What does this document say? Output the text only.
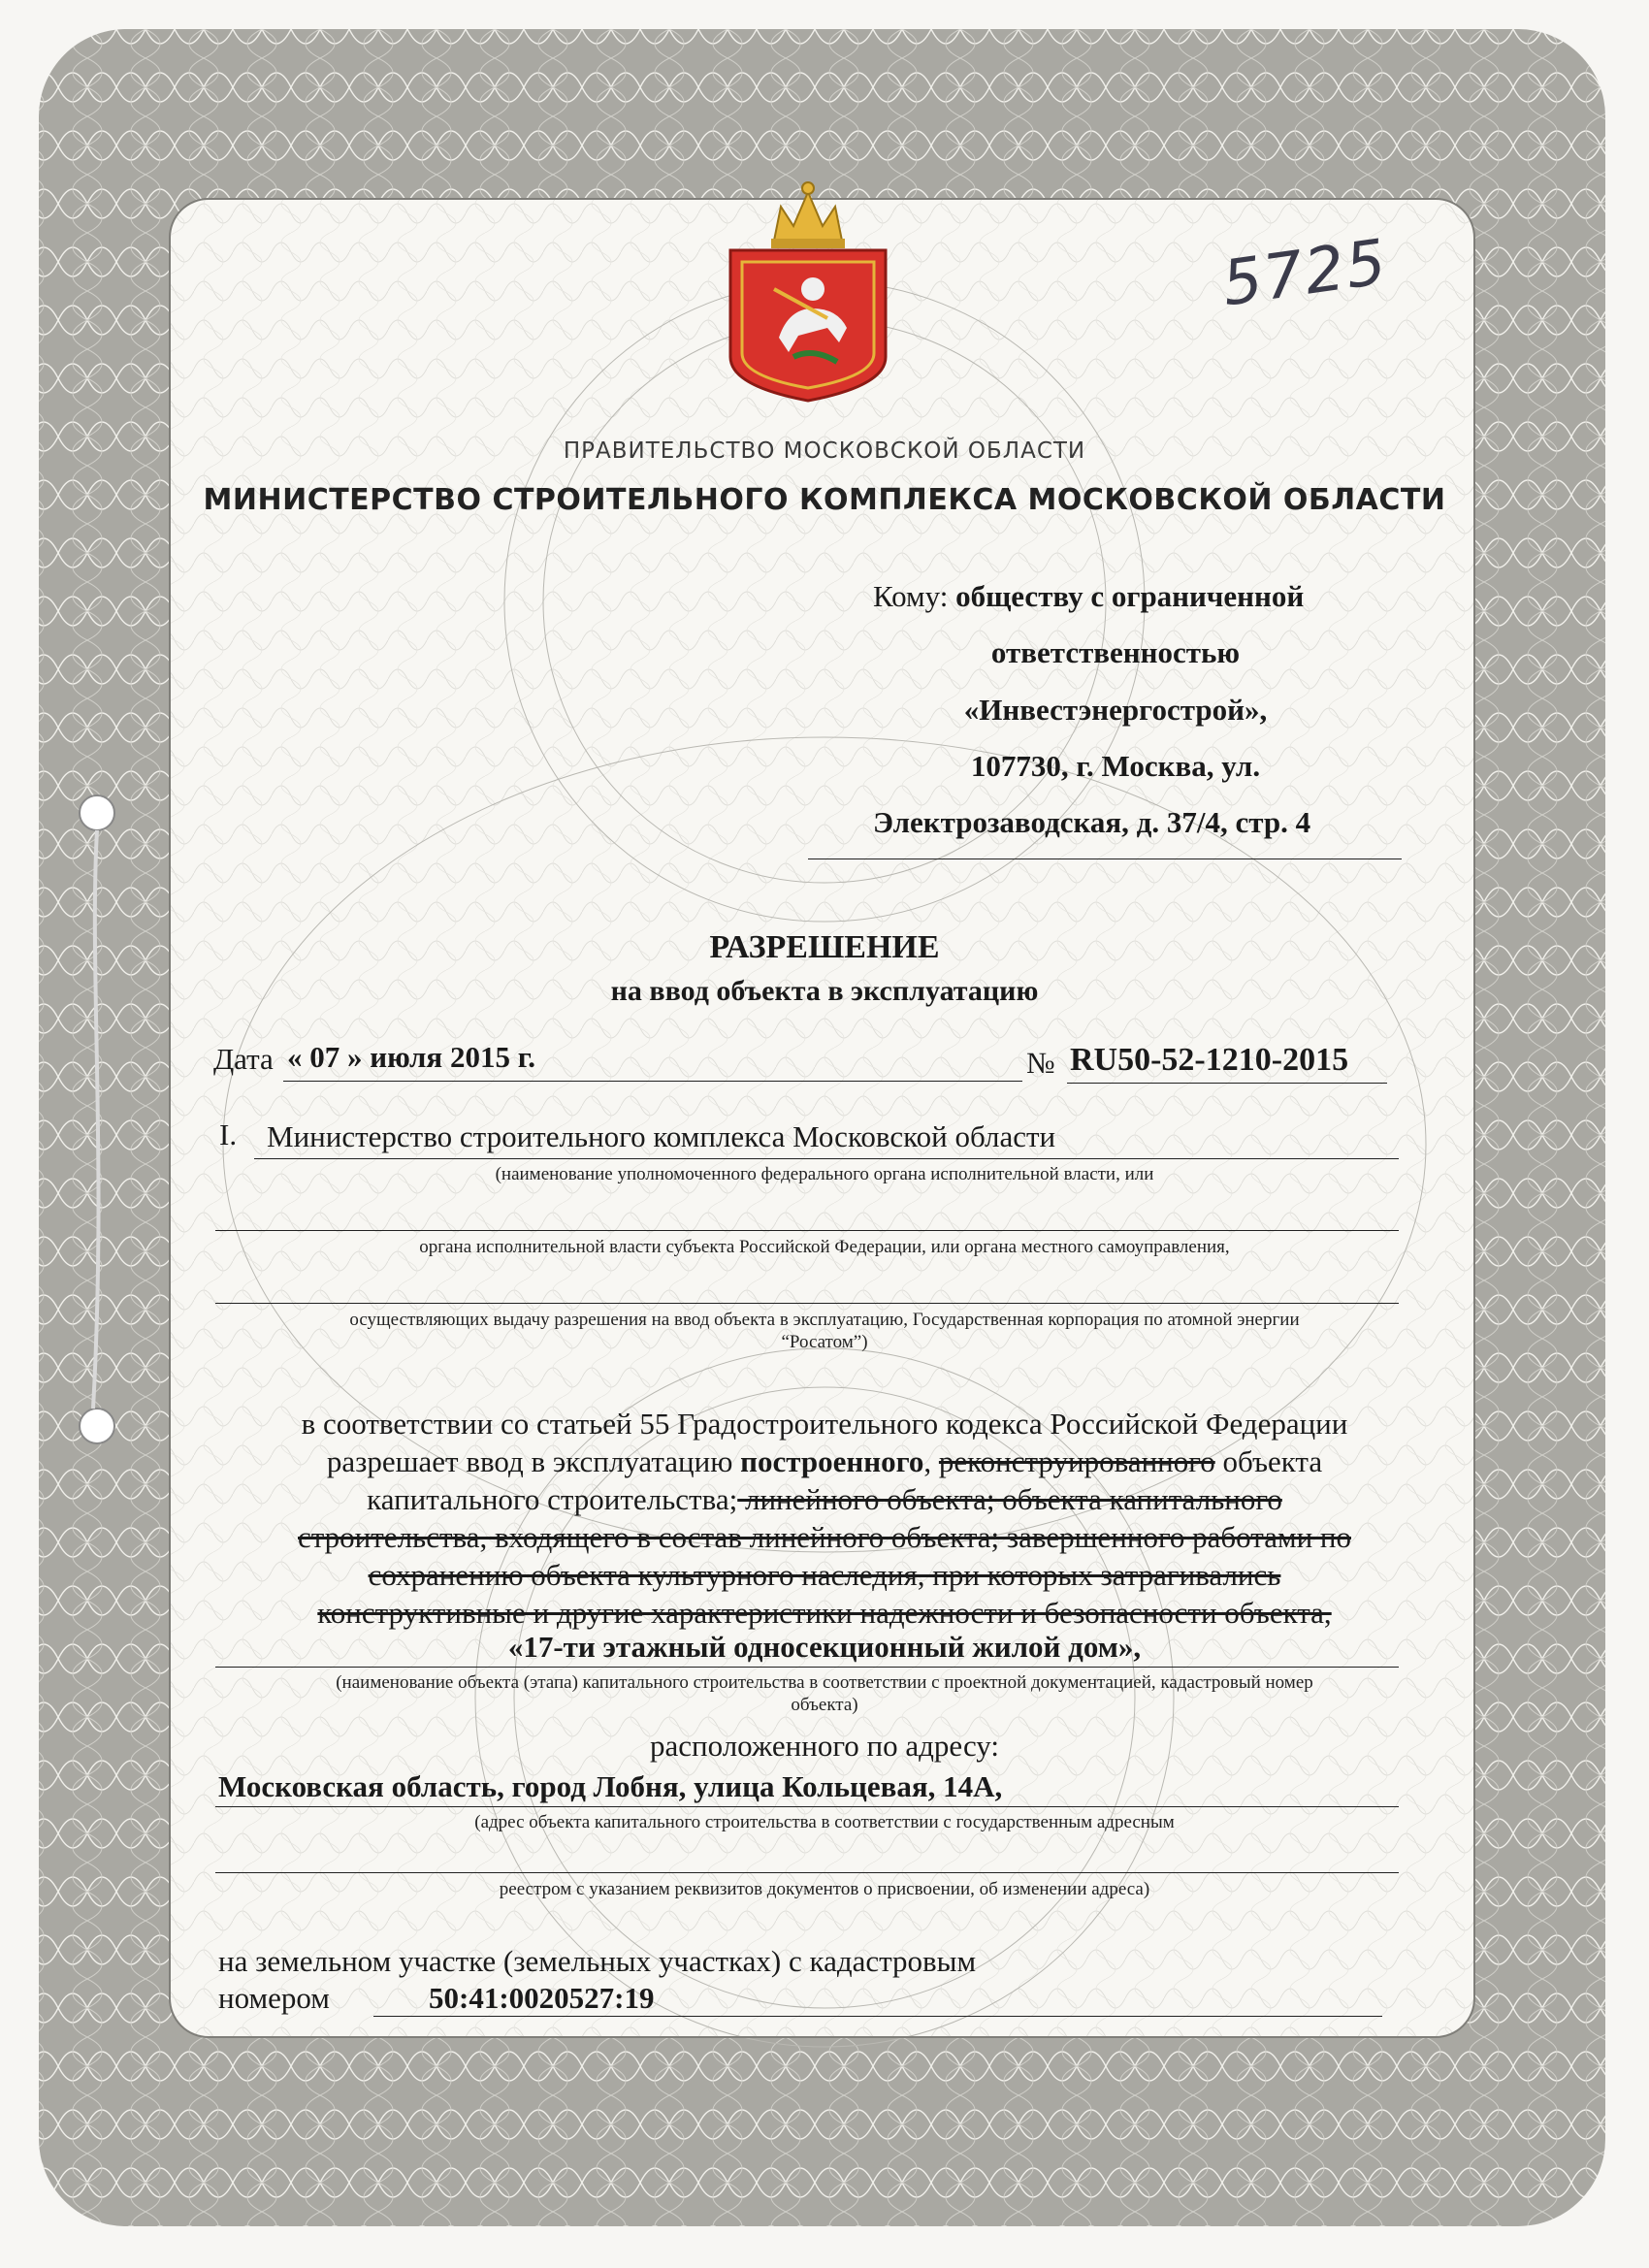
5725
ПРАВИТЕЛЬСТВО МОСКОВСКОЙ ОБЛАСТИ
МИНИСТЕРСТВО СТРОИТЕЛЬНОГО КОМПЛЕКСА МОСКОВСКОЙ ОБЛАСТИ
Кому: обществу с ограниченной
ответственностью
«Инвестэнергострой»,
107730, г. Москва, ул.
Электрозаводская, д. 37/4, стр. 4
РАЗРЕШЕНИЕ
на ввод объекта в эксплуатацию
Дата « 07 » июля 2015 г.	№ RU50-52-1210-2015
I. Министерство строительного комплекса Московской области
(наименование уполномоченного федерального органа исполнительной власти, или
органа исполнительной власти субъекта Российской Федерации, или органа местного самоуправления,
осуществляющих выдачу разрешения на ввод объекта в эксплуатацию, Государственная корпорация по атомной энергии
“Росатом”)
в соответствии со статьей 55 Градостроительного кодекса Российской Федерации
разрешает ввод в эксплуатацию построенного, реконструированного объекта
капитального строительства; линейного объекта; объекта капитального
строительства, входящего в состав линейного объекта; завершенного работами по
сохранению объекта культурного наследия, при которых затрагивались
конструктивные и другие характеристики надежности и безопасности объекта,
«17-ти этажный односекционный жилой дом»,
(наименование объекта (этапа) капитального строительства в соответствии с проектной документацией, кадастровый номер
объекта)
расположенного по адресу:
Московская область, город Лобня, улица Кольцевая, 14А,
(адрес объекта капитального строительства в соответствии с государственным адресным
реестром с указанием реквизитов документов о присвоении, об изменении адреса)
на земельном участке (земельных участках) с кадастровым
номером	50:41:0020527:19
